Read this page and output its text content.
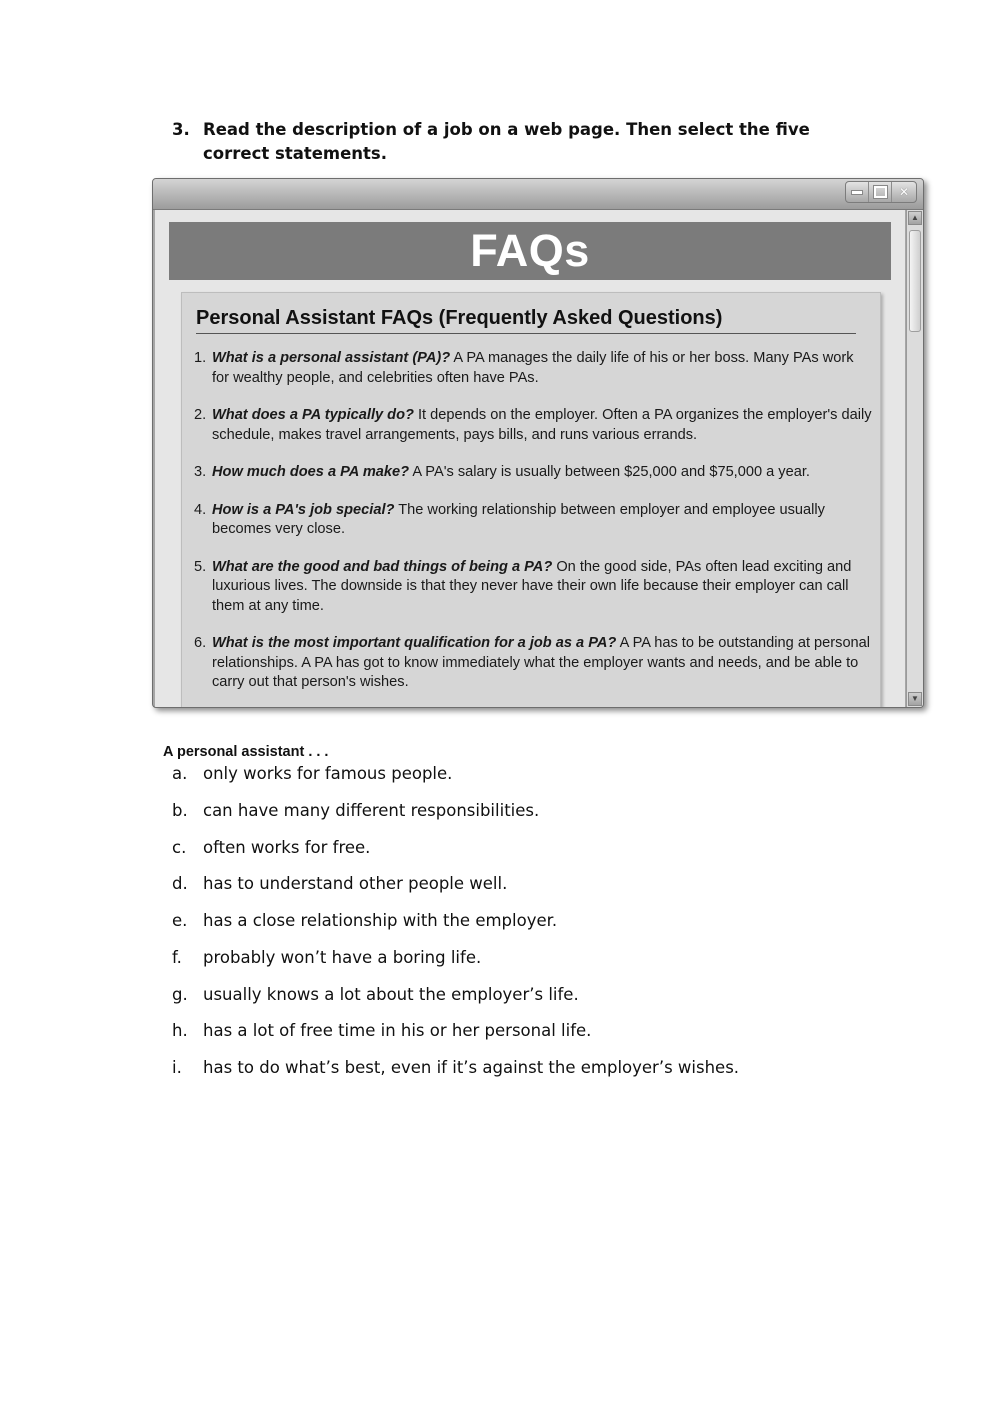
3. Read the description of a job on a web page. Then select the five correct statements.
✕
FAQs
Personal Assistant FAQs (Frequently Asked Questions)
1. What is a personal assistant (PA)? A PA manages the daily life of his or her boss. Many PAs work for wealthy people, and celebrities often have PAs.
2. What does a PA typically do? It depends on the employer. Often a PA organizes the employer's daily schedule, makes travel arrangements, pays bills, and runs various errands.
3. How much does a PA make? A PA's salary is usually between $25,000 and $75,000 a year.
4. How is a PA's job special? The working relationship between employer and employee usually becomes very close.
5. What are the good and bad things of being a PA? On the good side, PAs often lead exciting and luxurious lives. The downside is that they never have their own life because their employer can call them at any time.
6. What is the most important qualification for a job as a PA? A PA has to be outstanding at personal relationships. A PA has got to know immediately what the employer wants and needs, and be able to carry out that person's wishes.
▲
▼
A personal assistant . . .
a. only works for famous people.
b. can have many different responsibilities.
c. often works for free.
d. has to understand other people well.
e. has a close relationship with the employer.
f. probably won’t have a boring life.
g. usually knows a lot about the employer’s life.
h. has a lot of free time in his or her personal life.
i. has to do what’s best, even if it’s against the employer’s wishes.
